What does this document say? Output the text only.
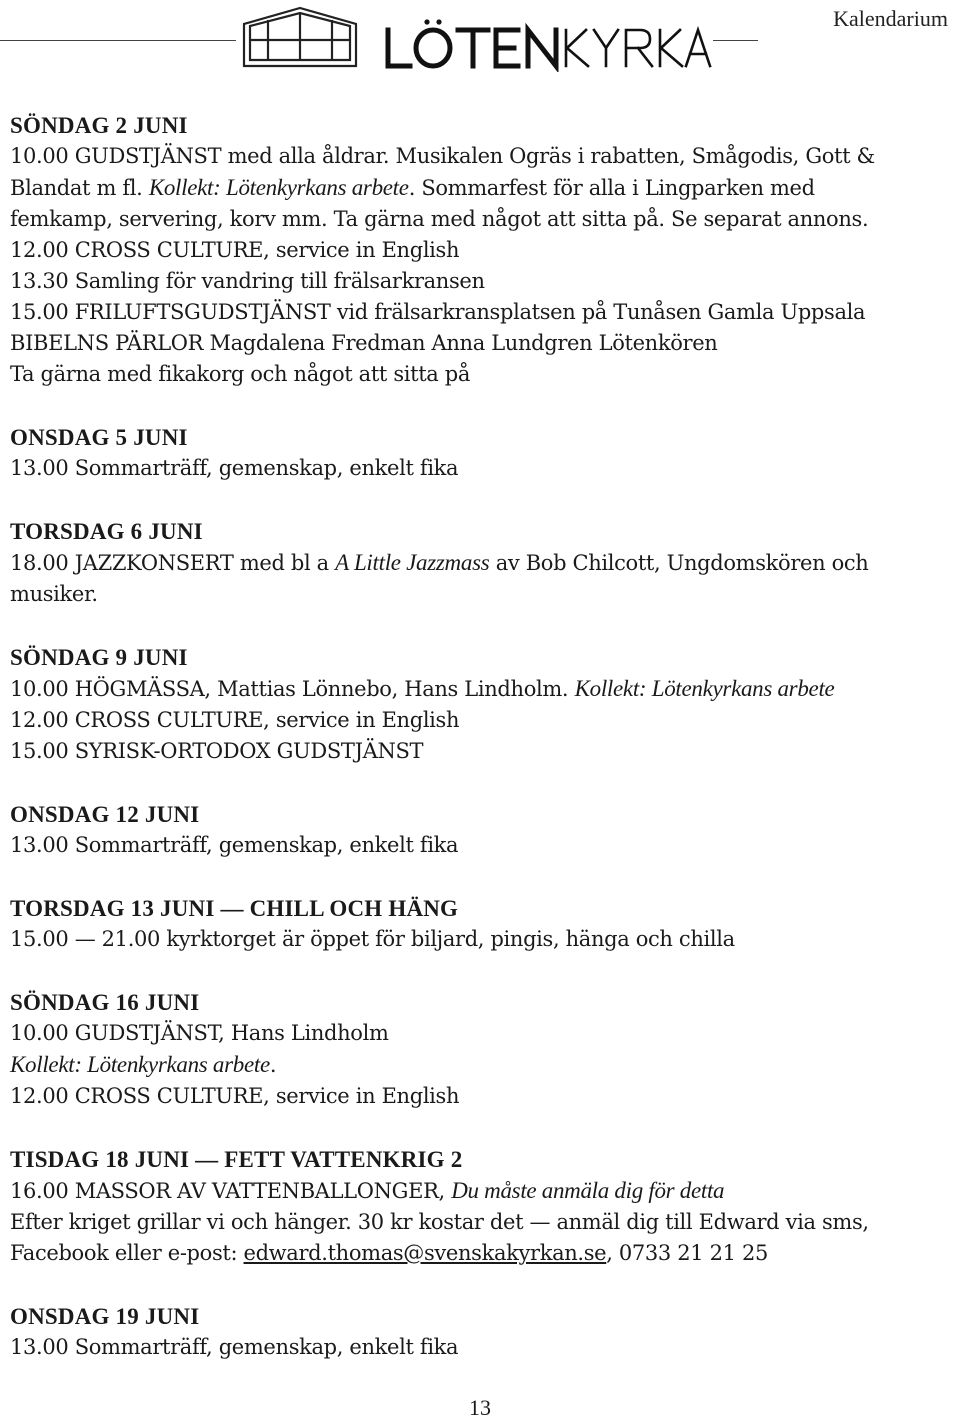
Kalendarium
SÖNDAG 2 JUNI
10.00 GUDSTJÄNST med alla åldrar. Musikalen Ogräs i rabatten, Smågodis, Gott &
Blandat m fl. Kollekt: Lötenkyrkans arbete. Sommarfest för alla i Lingparken med
femkamp, servering, korv mm. Ta gärna med något att sitta på. Se separat annons.
12.00 CROSS CULTURE, service in English
13.30 Samling för vandring till frälsarkransen
15.00 FRILUFTSGUDSTJÄNST vid frälsarkransplatsen på Tunåsen Gamla Uppsala
BIBELNS PÄRLOR Magdalena Fredman Anna Lundgren Lötenkören
Ta gärna med fikakorg och något att sitta på
ONSDAG 5 JUNI
13.00 Sommarträff, gemenskap, enkelt fika
TORSDAG 6 JUNI
18.00 JAZZKONSERT med bl a A Little Jazzmass av Bob Chilcott, Ungdomskören och
musiker.
SÖNDAG 9 JUNI
10.00 HÖGMÄSSA, Mattias Lönnebo, Hans Lindholm. Kollekt: Lötenkyrkans arbete
12.00 CROSS CULTURE, service in English
15.00 SYRISK-ORTODOX GUDSTJÄNST
ONSDAG 12 JUNI
13.00 Sommarträff, gemenskap, enkelt fika
TORSDAG 13 JUNI — CHILL OCH HÄNG
15.00 — 21.00 kyrktorget är öppet för biljard, pingis, hänga och chilla
SÖNDAG 16 JUNI
10.00 GUDSTJÄNST, Hans Lindholm
Kollekt: Lötenkyrkans arbete.
12.00 CROSS CULTURE, service in English
TISDAG 18 JUNI — FETT VATTENKRIG 2
16.00 MASSOR AV VATTENBALLONGER, Du måste anmäla dig för detta
Efter kriget grillar vi och hänger. 30 kr kostar det — anmäl dig till Edward via sms,
Facebook eller e-post: edward.thomas@svenskakyrkan.se, 0733 21 21 25
ONSDAG 19 JUNI
13.00 Sommarträff, gemenskap, enkelt fika
13
